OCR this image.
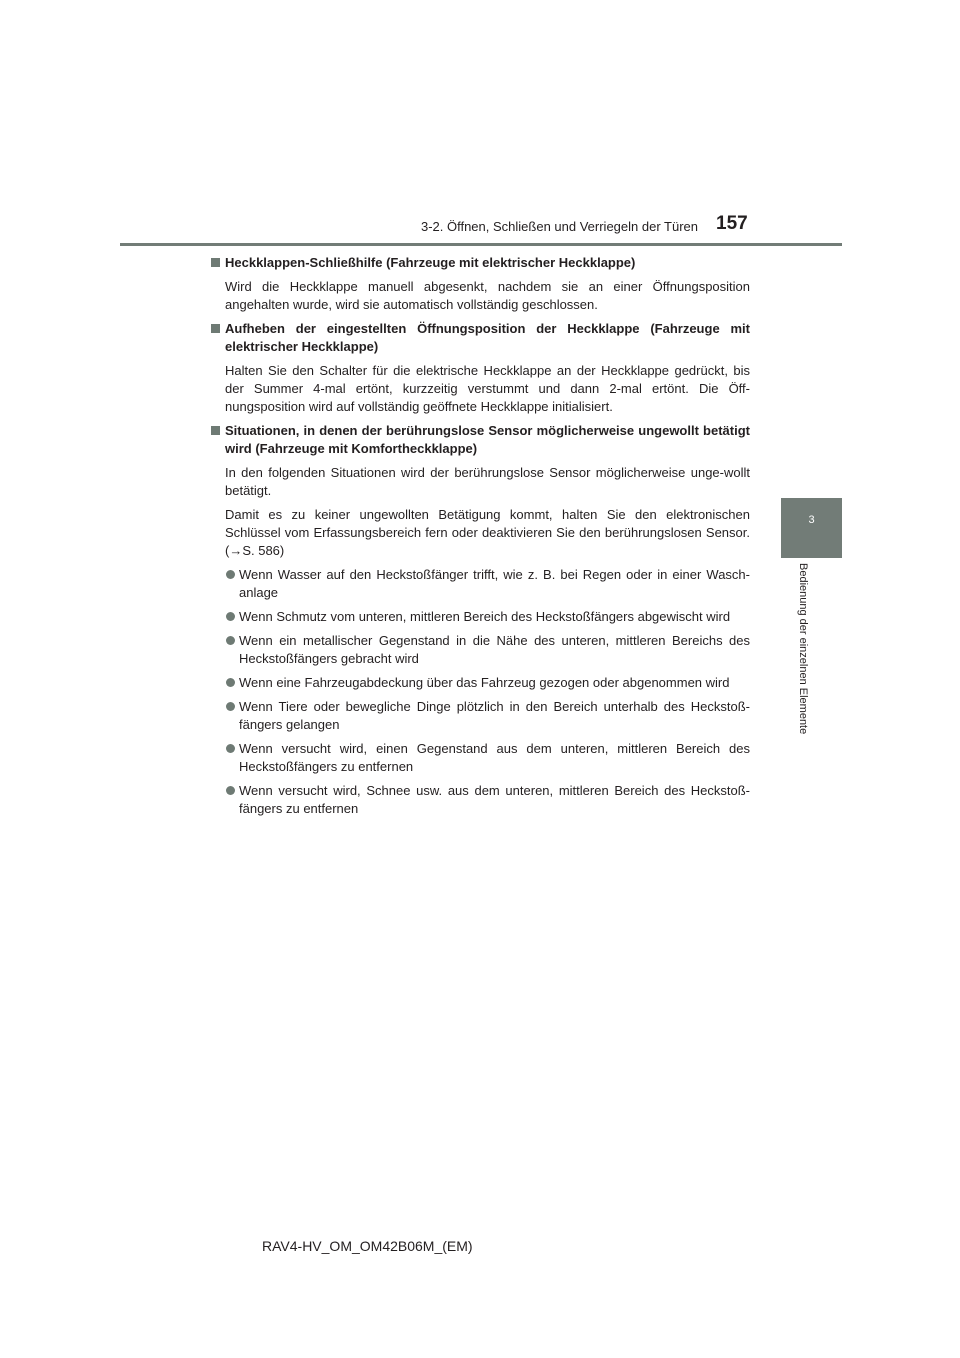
3-2. Öffnen, Schließen und Verriegeln der Türen 157
3
Bedienung der einzelnen Elemente
Heckklappen-Schließhilfe (Fahrzeuge mit elektrischer Heckklappe)
Wird die Heckklappe manuell abgesenkt, nachdem sie an einer Öffnungsposition angehalten wurde, wird sie automatisch vollständig geschlossen.
Aufheben der eingestellten Öffnungsposition der Heckklappe (Fahrzeuge mit elektrischer Heckklappe)
Halten Sie den Schalter für die elektrische Heckklappe an der Heckklappe gedrückt, bis der Summer 4-mal ertönt, kurzzeitig verstummt und dann 2-mal ertönt. Die Öff-nungsposition wird auf vollständig geöffnete Heckklappe initialisiert.
Situationen, in denen der berührungslose Sensor möglicherweise ungewollt betätigt wird (Fahrzeuge mit Komfortheckklappe)
In den folgenden Situationen wird der berührungslose Sensor möglicherweise unge-wollt betätigt.
Damit es zu keiner ungewollten Betätigung kommt, halten Sie den elektronischen Schlüssel vom Erfassungsbereich fern oder deaktivieren Sie den berührungslosen Sensor. (→S. 586)
Wenn Wasser auf den Heckstoßfänger trifft, wie z. B. bei Regen oder in einer Wasch-anlage
Wenn Schmutz vom unteren, mittleren Bereich des Heckstoßfängers abgewischt wird
Wenn ein metallischer Gegenstand in die Nähe des unteren, mittleren Bereichs des Heckstoßfängers gebracht wird
Wenn eine Fahrzeugabdeckung über das Fahrzeug gezogen oder abgenommen wird
Wenn Tiere oder bewegliche Dinge plötzlich in den Bereich unterhalb des Heckstoß-fängers gelangen
Wenn versucht wird, einen Gegenstand aus dem unteren, mittleren Bereich des Heckstoßfängers zu entfernen
Wenn versucht wird, Schnee usw. aus dem unteren, mittleren Bereich des Heckstoß-fängers zu entfernen
RAV4-HV_OM_OM42B06M_(EM)
